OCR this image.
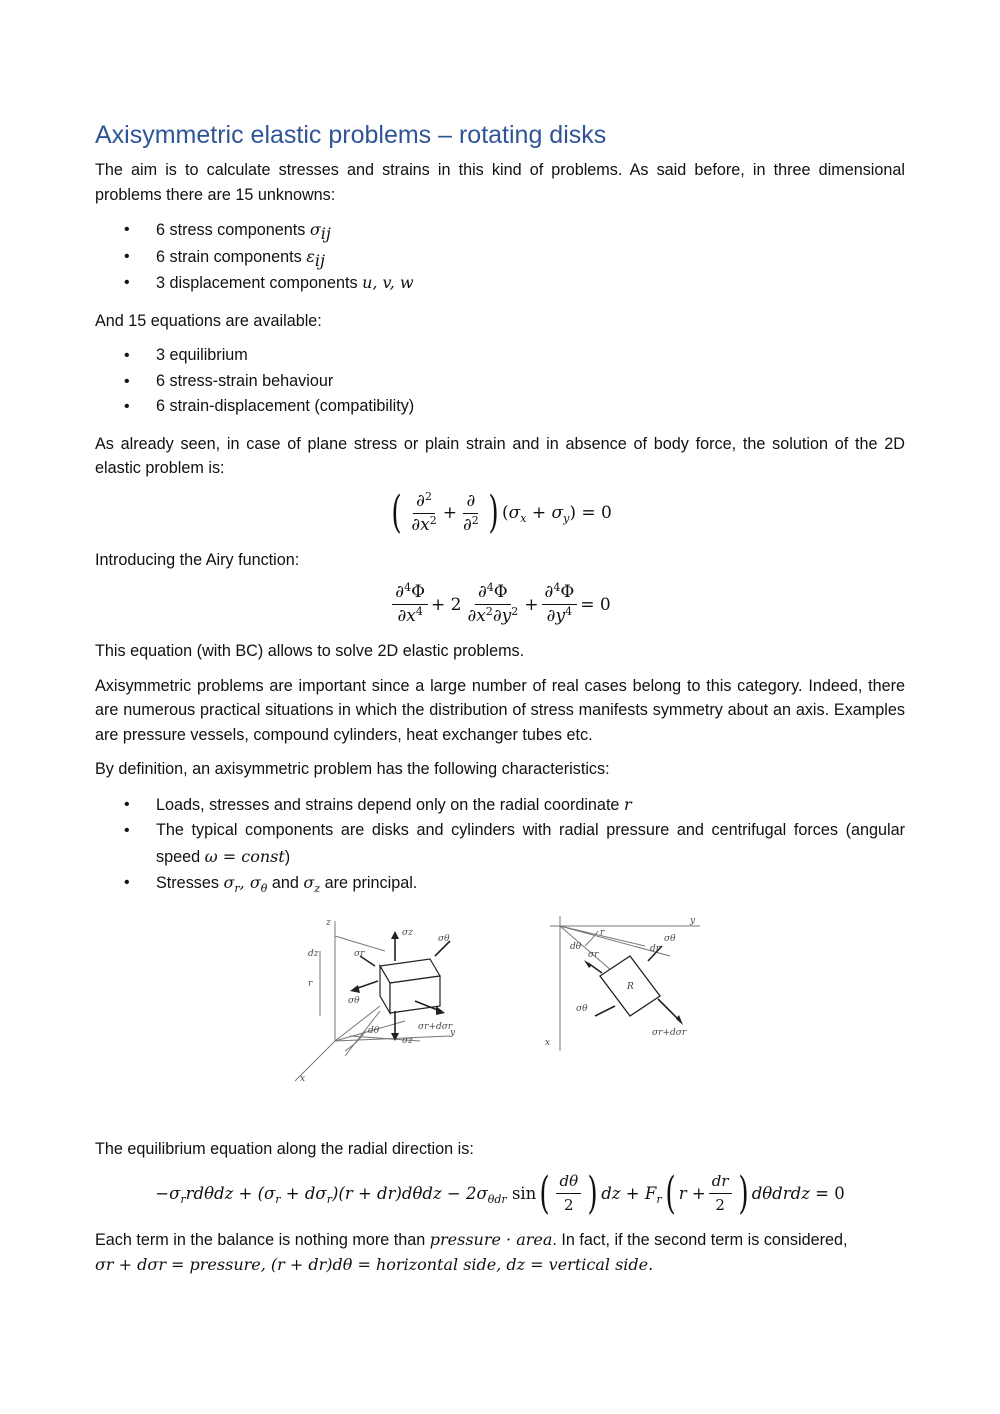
Axisymmetric elastic problems – rotating disks

The aim is to calculate stresses and strains in this kind of problems. As said before, in three dimensional problems there are 15 unknowns:

• 6 stress components $\sigma_{ij}$
• 6 strain components $\varepsilon_{ij}$
• 3 displacement components u, v, w

And 15 equations are available:

• 3 equilibrium
• 6 stress-strain behaviour
• 6 strain-displacement (compatibility)

As already seen, in case of plane stress or plain strain and in absence of body force, the solution of the 2D elastic problem is:

( $\frac{\partial^2}{\partial x^2} + \frac{\partial}{\partial^2}$ ) $(\sigma_x + \sigma_y) = 0$

Introducing the Airy function:

$\frac{\partial^4\Phi}{\partial x^4} + 2 \frac{\partial^4\Phi}{\partial x^2\partial y^2} + \frac{\partial^4\Phi}{\partial y^4} = 0$

This equation (with BC) allows to solve 2D elastic problems.

Axisymmetric problems are important since a large number of real cases belong to this category. Indeed, there are numerous practical situations in which the distribution of stress manifests symmetry about an axis. Examples are pressure vessels, compound cylinders, heat exchanger tubes etc.

By definition, an axisymmetric problem has the following characteristics:

• Loads, stresses and strains depend only on the radial coordinate r
• The typical components are disks and cylinders with radial pressure and centrifugal forces (angular speed ω = const)
• Stresses $\sigma_r$, $\sigma_\theta$ and $\sigma_z$ are principal.
z
y
x
σz
σz
σr+dσr
σθ
σθ
σr
r
dz
dθ
y
x
R
σr+dσr
σθ
σθ
σr
r
dθ	dr

The equilibrium equation along the radial direction is:

$-\sigma_rrd\theta dz + (\sigma_r + d\sigma_r)(r + dr)d\theta dz - 2\sigma_{\theta dr}$ sin ( $\frac{d\theta}{2}$ ) dz + $F_r$ ( $r + \frac{dr}{2}$ ) dθdrdz = 0

Each term in the balance is nothing more than pressure · area. In fact, if the second term is considered,
σr + dσr = pressure, (r + dr)dθ = horizontal side, dz = vertical side.
